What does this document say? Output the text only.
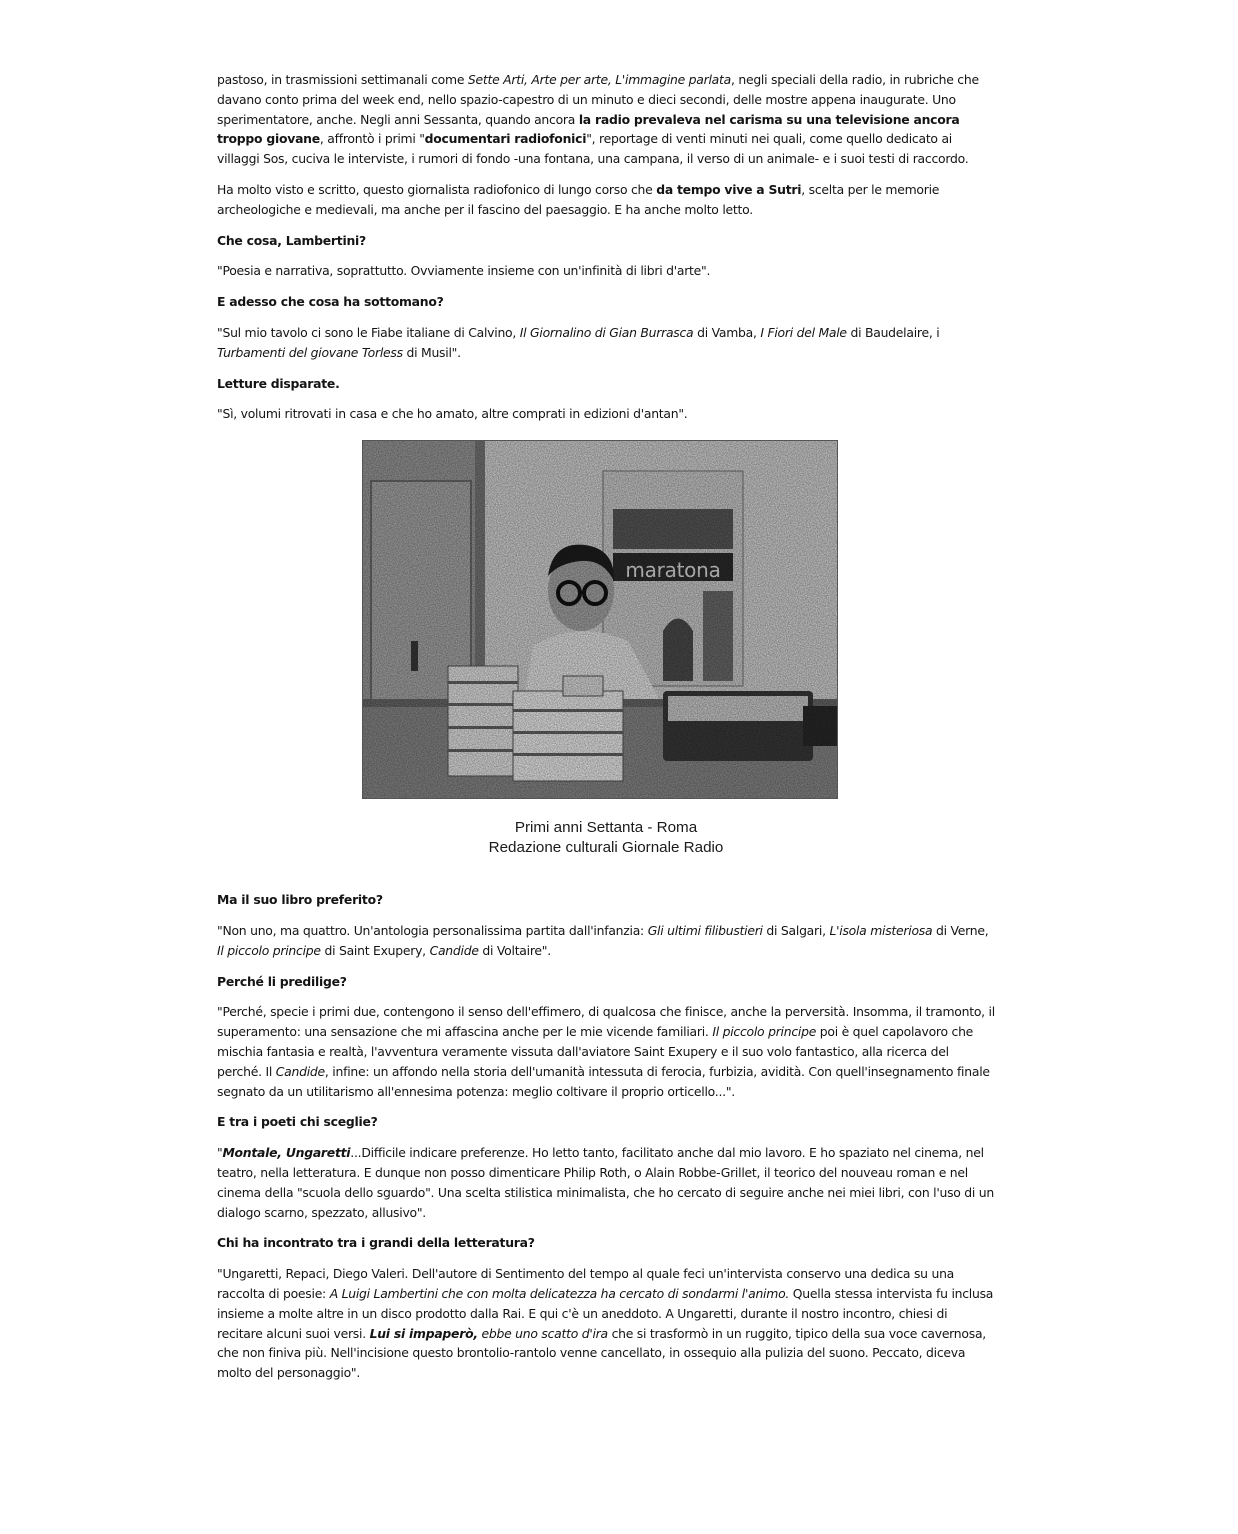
pastoso, in trasmissioni settimanali come Sette Arti, Arte per arte, L'immagine parlata, negli speciali della radio, in rubriche che davano conto prima del week end, nello spazio-capestro di un minuto e dieci secondi, delle mostre appena inaugurate. Uno sperimentatore, anche. Negli anni Sessanta, quando ancora la radio prevaleva nel carisma su una televisione ancora troppo giovane, affrontò i primi "documentari radiofonici", reportage di venti minuti nei quali, come quello dedicato ai villaggi Sos, cuciva le interviste, i rumori di fondo -una fontana, una campana, il verso di un animale- e i suoi testi di raccordo.
Ha molto visto e scritto, questo giornalista radiofonico di lungo corso che da tempo vive a Sutri, scelta per le memorie archeologiche e medievali, ma anche per il fascino del paesaggio. E ha anche molto letto.
Che cosa, Lambertini?
"Poesia e narrativa, soprattutto. Ovviamente insieme con un'infinità di libri d'arte".
E adesso che cosa ha sottomano?
"Sul mio tavolo ci sono le Fiabe italiane di Calvino, Il Giornalino di Gian Burrasca di Vamba, I Fiori del Male di Baudelaire, i Turbamenti del giovane Torless di Musil".
Letture disparate.
"Sì, volumi ritrovati in casa e che ho amato, altre comprati in edizioni d'antan".
Primi anni Settanta - Roma
Redazione culturali Giornale Radio
Ma il suo libro preferito?
"Non uno, ma quattro. Un'antologia personalissima partita dall'infanzia: Gli ultimi filibustieri di Salgari, L'isola misteriosa di Verne, Il piccolo principe di Saint Exupery, Candide di Voltaire".
Perché li predilige?
"Perché, specie i primi due, contengono il senso dell'effimero, di qualcosa che finisce, anche la perversità. Insomma, il tramonto, il superamento: una sensazione che mi affascina anche per le mie vicende familiari. Il piccolo principe poi è quel capolavoro che mischia fantasia e realtà, l'avventura veramente vissuta dall'aviatore Saint Exupery e il suo volo fantastico, alla ricerca del perché. Il Candide, infine: un affondo nella storia dell'umanità intessuta di ferocia, furbizia, avidità. Con quell'insegnamento finale segnato da un utilitarismo all'ennesima potenza: meglio coltivare il proprio orticello...".
E tra i poeti chi sceglie?
"Montale, Ungaretti...Difficile indicare preferenze. Ho letto tanto, facilitato anche dal mio lavoro. E ho spaziato nel cinema, nel teatro, nella letteratura. E dunque non posso dimenticare Philip Roth, o Alain Robbe-Grillet, il teorico del nouveau roman e nel cinema della "scuola dello sguardo". Una scelta stilistica minimalista, che ho cercato di seguire anche nei miei libri, con l'uso di un dialogo scarno, spezzato, allusivo".
Chi ha incontrato tra i grandi della letteratura?
"Ungaretti, Repaci, Diego Valeri. Dell'autore di Sentimento del tempo al quale feci un'intervista conservo una dedica su una raccolta di poesie: A Luigi Lambertini che con molta delicatezza ha cercato di sondarmi l'animo. Quella stessa intervista fu inclusa insieme a molte altre in un disco prodotto dalla Rai. E qui c'è un aneddoto. A Ungaretti, durante il nostro incontro, chiesi di recitare alcuni suoi versi. Lui si impaperò, ebbe uno scatto d'ira che si trasformò in un ruggito, tipico della sua voce cavernosa, che non finiva più. Nell'incisione questo brontolio-rantolo venne cancellato, in ossequio alla pulizia del suono. Peccato, diceva molto del personaggio".
